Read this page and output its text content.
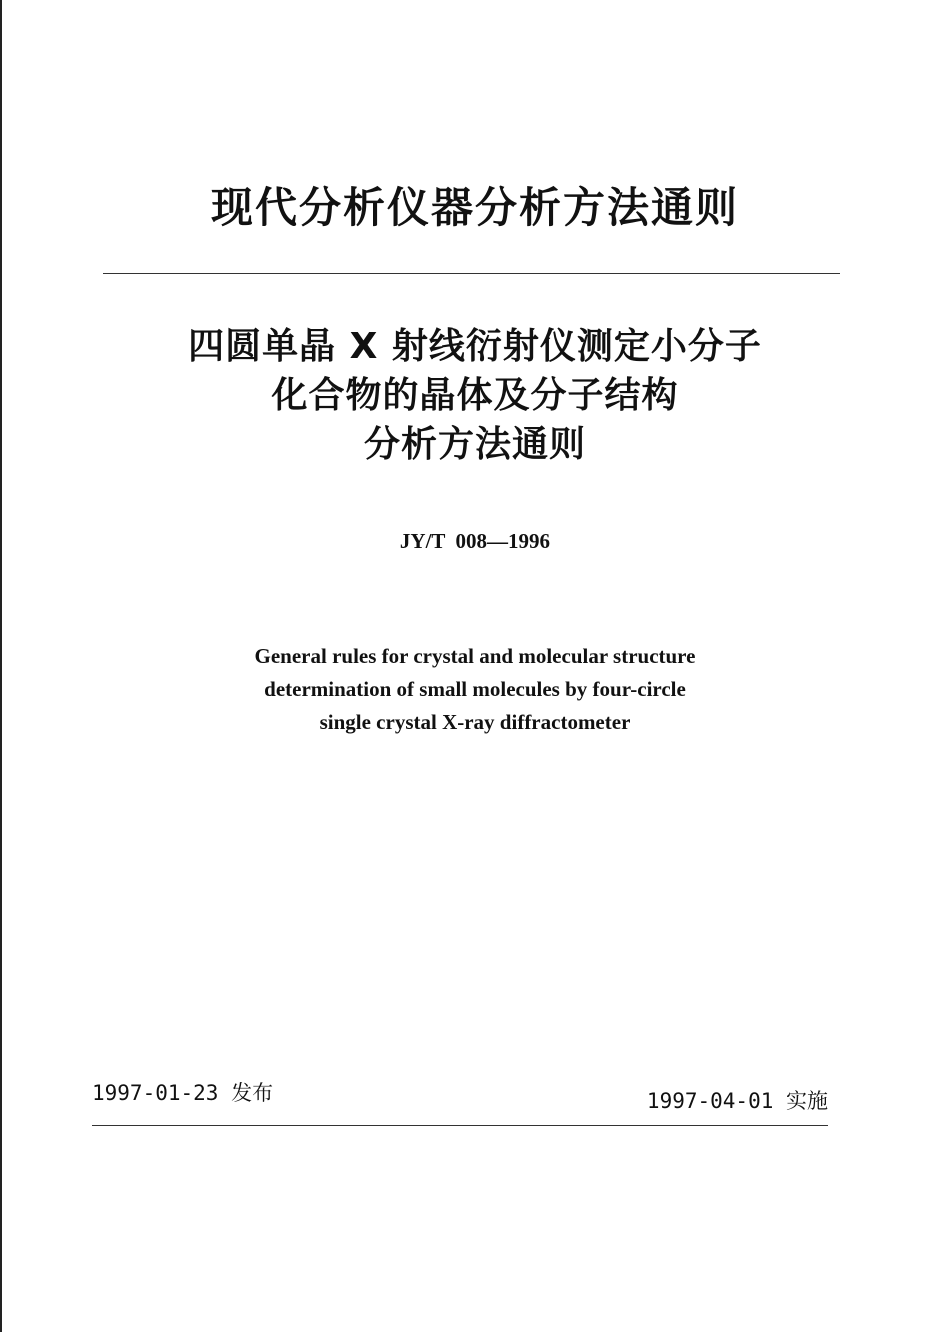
现代分析仪器分析方法通则
四圆单晶 X 射线衍射仪测定小分子
化合物的晶体及分子结构
分析方法通则
JY/T  008—1996
General rules for crystal and molecular structure
determination of small molecules by four-circle
single crystal X-ray diffractometer
1997-01-23 发布	1997-04-01 实施
